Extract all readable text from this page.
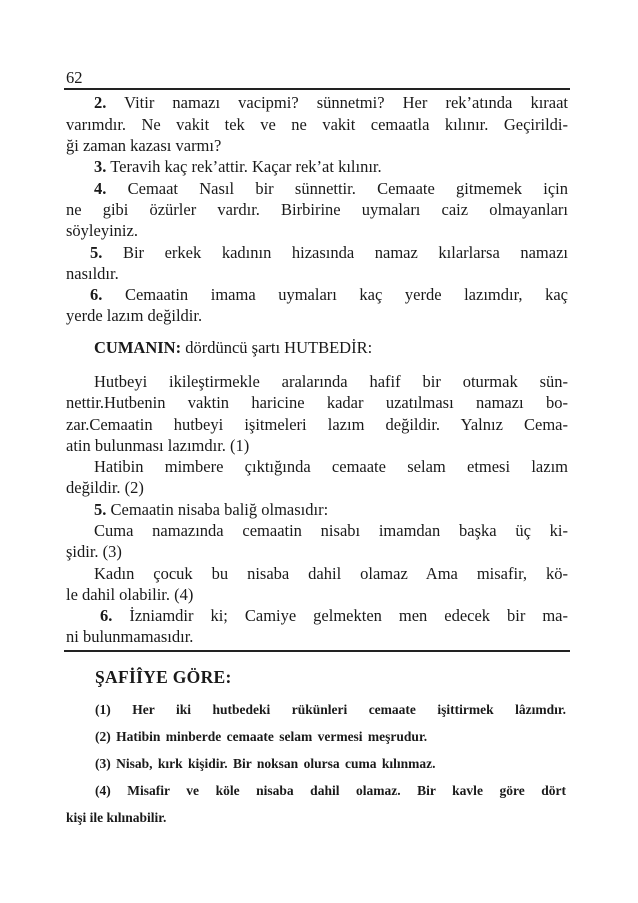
62
2. Vitir namazı vacipmi? sünnetmi? Her rek’atında kıraat
varımdır. Ne vakit tek ve ne vakit cemaatla kılınır. Geçirildi-
ği zaman kazası varmı?
3. Teravih kaç rek’attir. Kaçar rek’at kılınır.
4. Cemaat Nasıl bir sünnettir. Cemaate gitmemek için
ne gibi özürler vardır. Birbirine uymaları caiz olmayanları
söyleyiniz.
5. Bir erkek kadının hizasında namaz kılarlarsa namazı
nasıldır.
6. Cemaatin imama uymaları kaç yerde lazımdır, kaç
yerde lazım değildir.
CUMANIN: dördüncü şartı HUTBEDİR:
Hutbeyi ikileştirmekle aralarında hafif bir oturmak sün-
nettir.Hutbenin vaktin haricine kadar uzatılması namazı bo-
zar.Cemaatin hutbeyi işitmeleri lazım değildir. Yalnız Cema-
atin bulunması lazımdır. (1)
Hatibin mimbere çıktığında cemaate selam etmesi lazım
değildir. (2)
5. Cemaatin nisaba baliğ olmasıdır:
Cuma namazında cemaatin nisabı imamdan başka üç ki-
şidir. (3)
Kadın çocuk bu nisaba dahil olamaz Ama misafir, kö-
le dahil olabilir. (4)
6. İzniamdir ki; Camiye gelmekten men edecek bir ma-
ni bulunmamasıdır.
ŞAFİÎYE GÖRE:
(1) Her iki hutbedeki rükünleri cemaate işittirmek lâzımdır.
(2) Hatibin minberde cemaate selam vermesi meşrudur.
(3) Nisab, kırk kişidir. Bir noksan olursa cuma kılınmaz.
(4) Misafir ve köle nisaba dahil olamaz. Bir kavle göre dört
kişi ile kılınabilir.
